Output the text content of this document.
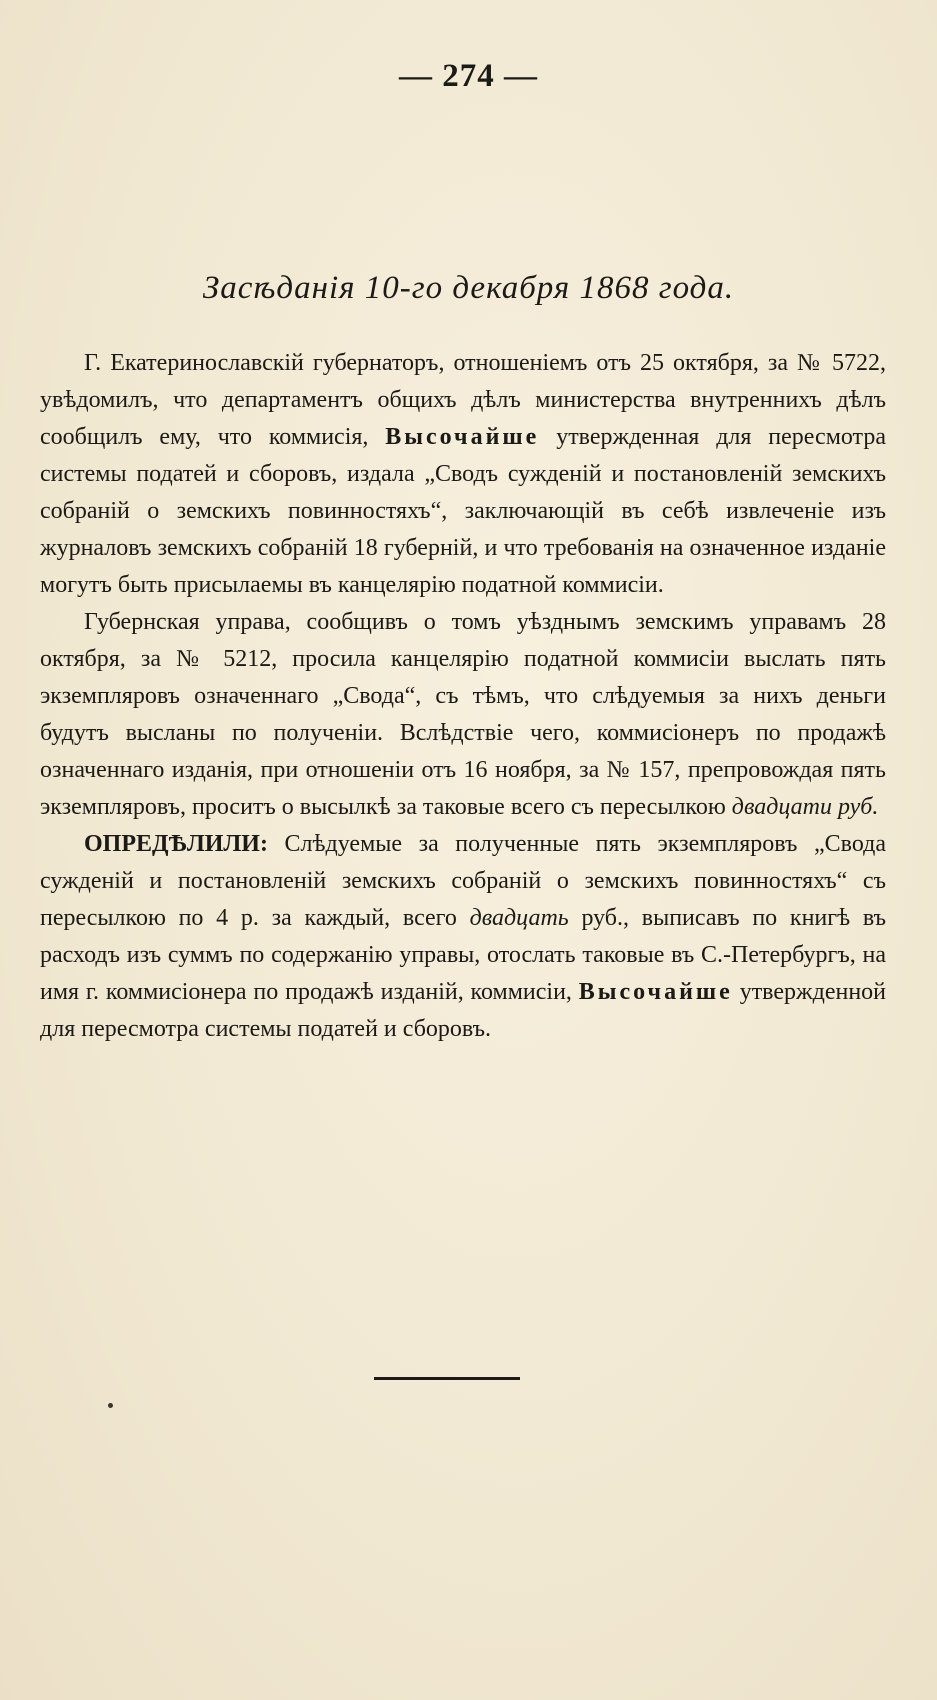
— 274 —
Засѣданія 10-го декабря 1868 года.

Г. Екатеринославскій губернаторъ, отношеніемъ отъ 25 октября, за № 5722, увѣдомилъ, что департаментъ общихъ дѣлъ министерства внутреннихъ дѣлъ сообщилъ ему, что коммисія, Высочайше утвержденная для пересмотра системы податей и сборовъ, издала „Сводъ сужденій и постановленій земскихъ собраній о земскихъ повинностяхъ“, заключающій въ себѣ извлеченіе изъ журналовъ земскихъ собраній 18 губерній, и что требованія на означенное изданіе могутъ быть присылаемы въ канцелярію податной коммисіи.

Губернская управа, сообщивъ о томъ уѣзднымъ земскимъ управамъ 28 октября, за № 5212, просила канцелярію податной коммисіи выслать пять экземпляровъ означеннаго „Свода“, съ тѣмъ, что слѣдуемыя за нихъ деньги будутъ высланы по полученіи. Вслѣдствіе чего, коммисіонеръ по продажѣ означеннаго изданія, при отношеніи отъ 16 ноября, за № 157, препровождая пять экземпляровъ, проситъ о высылкѣ за таковые всего съ пересылкою двадцати руб.

ОПРЕДѢЛИЛИ: Слѣдуемые за полученные пять экземпляровъ „Свода сужденій и постановленій земскихъ собраній о земскихъ повинностяхъ“ съ пересылкою по 4 р. за каждый, всего двадцать руб., выписавъ по книгѣ въ расходъ изъ суммъ по содержанію управы, отослать таковые въ С.-Петербургъ, на имя г. коммисіонера по продажѣ изданій, коммисіи, Высочайше утвержденной для пересмотра системы податей и сборовъ.
